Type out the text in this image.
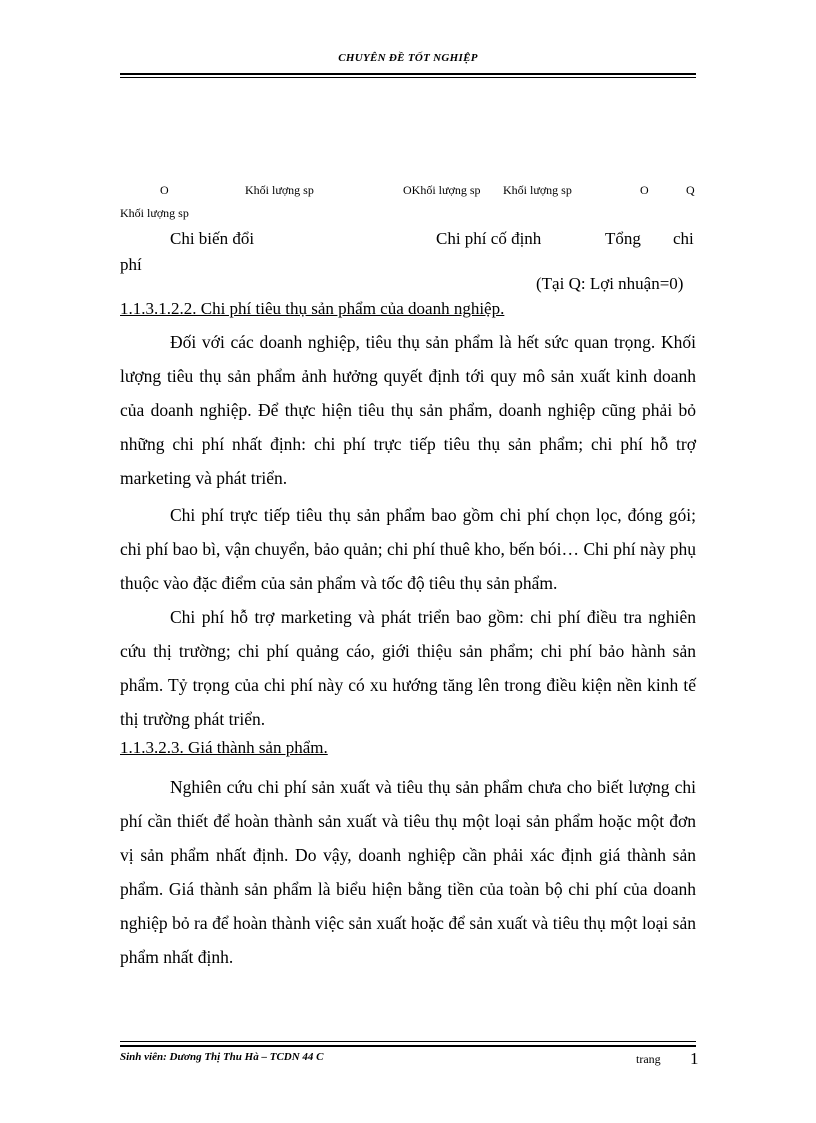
CHUYÊN ĐỀ TỐT NGHIỆP
O	Khối lượng sp	OKhối lượng sp Khối lượng sp	O	Q
Khối lượng sp
Chi biến đổi	Chi phí cố định	Tổng chi
phí
(Tại Q: Lợi nhuận=0)
1.1.3.1.2.2. Chi phí tiêu thụ sản phẩm của doanh nghiệp.

Đối với các doanh nghiệp, tiêu thụ sản phẩm là hết sức quan trọng. Khối lượng tiêu thụ sản phẩm ảnh hưởng quyết định tới quy mô sản xuất kinh doanh của doanh nghiệp. Để thực hiện tiêu thụ sản phẩm, doanh nghiệp cũng phải bỏ những chi phí nhất định: chi phí trực tiếp tiêu thụ sản phẩm; chi phí hỗ trợ marketing và phát triển.

Chi phí trực tiếp tiêu thụ sản phẩm bao gồm chi phí chọn lọc, đóng gói; chi phí bao bì, vận chuyển, bảo quản; chi phí thuê kho, bến bói… Chi phí này phụ thuộc vào đặc điểm của sản phẩm và tốc độ tiêu thụ sản phẩm.

Chi phí hỗ trợ marketing và phát triển bao gồm: chi phí điều tra nghiên cứu thị trường; chi phí quảng cáo, giới thiệu sản phẩm; chi phí bảo hành sản phẩm. Tỷ trọng của chi phí này có xu hướng tăng lên trong điều kiện nền kinh tế thị trường phát triển.

1.1.3.2.3. Giá thành sản phẩm.

Nghiên cứu chi phí sản xuất và tiêu thụ sản phẩm chưa cho biết lượng chi phí cần thiết để hoàn thành sản xuất và tiêu thụ một loại sản phẩm hoặc một đơn vị sản phẩm nhất định. Do vậy, doanh nghiệp cần phải xác định giá thành sản phẩm. Giá thành sản phẩm là biểu hiện bằng tiền của toàn bộ chi phí của doanh nghiệp bỏ ra để hoàn thành việc sản xuất hoặc để sản xuất và tiêu thụ một loại sản phẩm nhất định.

Sinh viên: Dương Thị Thu Hà – TCDN 44 C	trang 1
